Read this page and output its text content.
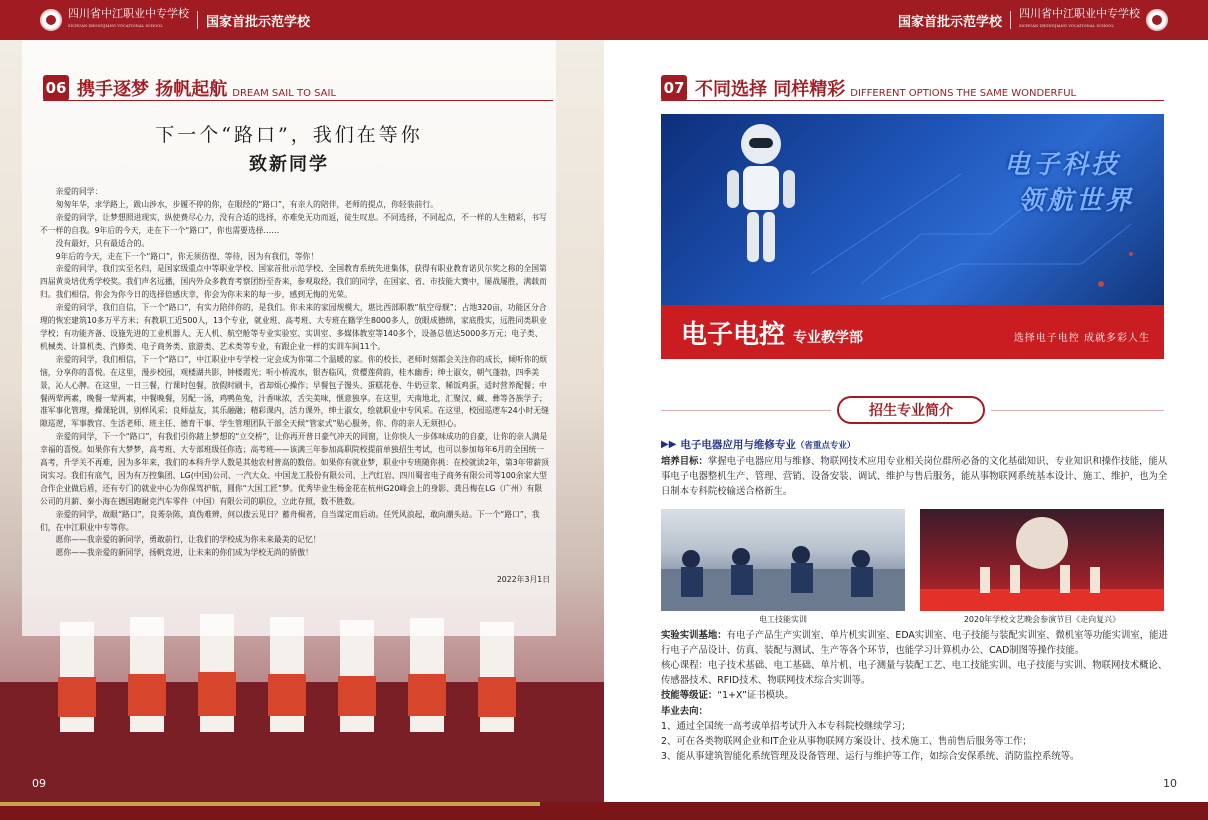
四川省中江职业中专学校
SICHUAN ZHONGJIANG VOCATIONAL SCHOOL	国家首批示范学校	国家首批示范学校
四川省中江职业中专学校
SICHUAN ZHONGJIANG VOCATIONAL SCHOOL
06 携手逐梦 扬帆起航 DREAM SAIL TO SAIL
下一个“路口”，我们在等你
致新同学

亲爱的同学：

匆匆年华，求学路上，跋山涉水，步履不停的你，在眼经的“路口”，有亲人的陪伴，老师的提点，你轻装前行。

亲爱的同学，让梦想照进现实，纵使费尽心力，没有合适的选择，亦难免无功而返，徒生叹息。不同选择，不同起点，不一样的人生精彩，书写不一样的自我。9年后的今天，走在下一个“路口”，你也需要选择……

没有最好，只有最适合的。

9年后的今天，走在下一个“路口”，你无须彷徨、等待，因为有我们，等你！

亲爱的同学，我们实至名归，是国家级重点中等职业学校、国家首批示范学校、全国教育系统先进集体，获得有职业教育诺贝尔奖之称的全国第四届黄炎培优秀学校奖。我们声名远播，国内外众多教育考察团纷至沓来，参观取经。我们的同学，在国家、省、市技能大赛中，屡战屡胜，满载而归。我们相信，你会为你今日的选择倍感庆幸，你会为你未来的每一步，感到无悔的光荣。

亲爱的同学，我们自信，下一个“路口”，有实力陪伴你的，是我们。你未来的家园规模大，堪比西部职教“航空母舰”；占地320亩，功能区分合理的恢宏建筑10多万平方米；有教职工近500人，13个专业，就业班、高考班、大专班在籍学生8000多人，放眼成德绵，家底殷实，远胜同类职业学校；有功能齐备、设施先进的工业机器人、无人机、航空舱等专业实验室、实训室、多媒体教室等140多个，设备总值达5000多万元；电子类、机械类、计算机类、汽修类、电子商务类、旅游类、艺术类等专业，有跟企业一样的实训车间11个。

亲爱的同学，我们相信，下一个“路口”，中江职业中专学校一定会成为你第二个温暖的家。你的校长、老师时刻都会关注你的成长，倾听你的烦恼，分享你的喜悦。在这里，漫步校园，观楼湖共影，钟楼霞光；听小桥流水，银杏临风，赏樱莲荷韵，桂木幽香；绅士淑女，朝气蓬勃，四季美景，沁人心脾。在这里，一日三餐，行课时包餐，放假时刷卡，省却烦心操作；早餐包子馒头、蛋糕花卷、牛奶豆浆、稀饭鸡蛋，适时营养配餐；中餐两荤两素，晚餐一荤两素，中餐晚餐，另配一汤，鸡鸭鱼兔，汁香味浓，舌尖美味，惬意独享。在这里，天南地北，汇聚汉、藏、彝等各族学子；准军事化管理，操课轮训，别样风采；良师益友，其乐融融；精彩课内，活力课外，绅士淑女，绘就职业中专风采。在这里，校园巡逻车24小时无缝隙巡逻，军事教官、生活老师、班主任、德育干事、学生管理团队干部全天候“管家式”贴心服务，你、你的亲人无须担心。

亲爱的同学，下一个“路口”，有我们引你踏上梦想的“立交桥”，让你再开普日豪气冲天的同窗，让你快人一步体味成功的自豪，让你的亲人满是幸福的喜悦。如果你有大梦梦，高考班、大专部班级任你选；高考班——该满三年参加高职院校提前单独招生考试，也可以参加每年6月的全国统一高考，升学关不再难，因为多年来，我们的本科升学人数是其他农村普高的数倍。如果你有就业梦，职业中专班随你挑：在校就读2年，第3年带薪顶岗实习。我们有底气，因为有万控集团、LG(中国)公司、一汽大众、中国龙工股份有限公司、上汽红岩、四川蜀省电子商务有限公司等100余家大型合作企业做后盾，还有专门的就业中心为你保驾护航，圆你“大国工匠”梦。优秀毕业生杨金花在杭州G20峰会上的身影、龚吕梅在LG（广州）有限公司的月薪、秦小海在德国跑耐克汽车零件（中国）有限公司的职位，立此存照，数不胜数。

亲爱的同学，故眼“路口”，良莠杂陈，真伪难辨，何以拨云见日？蓄舟楫者，自当谋定而后动。任凭风浪起，敢向潮头站。下一个“路口”，我们，在中江职业中专等你。

愿你——我亲爱的新同学，勇敢前行，让我们的学校成为你未来最美的记忆！

愿你——我亲爱的新同学，扬帆竞进，让未来的你们成为学校无尚的骄傲！

2022年3月1日
09
07 不同选择 同样精彩 DIFFERENT OPTIONS THE SAME WONDERFUL
电子科技
领航世界
电子电控 专业教学部	选择电子电控 成就多彩人生
招生专业简介
▶▶ 电子电器应用与维修专业 （省重点专业）
培养目标：掌握电子电器应用与维修、物联网技术应用专业相关岗位群所必备的文化基础知识、专业知识和操作技能，能从事电子电器整机生产、管理、营销、设备安装、调试、维护与售后服务，能从事物联网系统基本设计、施工、维护，也为全日制本专科院校输送合格新生。
电工技能实训	2020年学校文艺晚会参演节目《走向复兴》
实验实训基地：有电子产品生产实训室、单片机实训室、EDA实训室、电子技能与装配实训室、微机室等功能实训室，能进行电子产品设计、仿真、装配与测试、生产等各个环节，也能学习计算机办公、CAD制图等操作技能。
核心课程：电子技术基础、电工基础、单片机、电子测量与装配工艺、电工技能实训、电子技能与实训、物联网技术概论、传感器技术、RFID技术、物联网技术综合实训等。
技能等级证：“1+X”证书模块。
毕业去向：
1、通过全国统一高考或单招考试升入本专科院校继续学习；
2、可在各类物联网企业和IT企业从事物联网方案设计、技术施工、售前售后服务等工作；
3、能从事建筑智能化系统管理及设备管理、运行与维护等工作，如综合安保系统、消防监控系统等。
10
